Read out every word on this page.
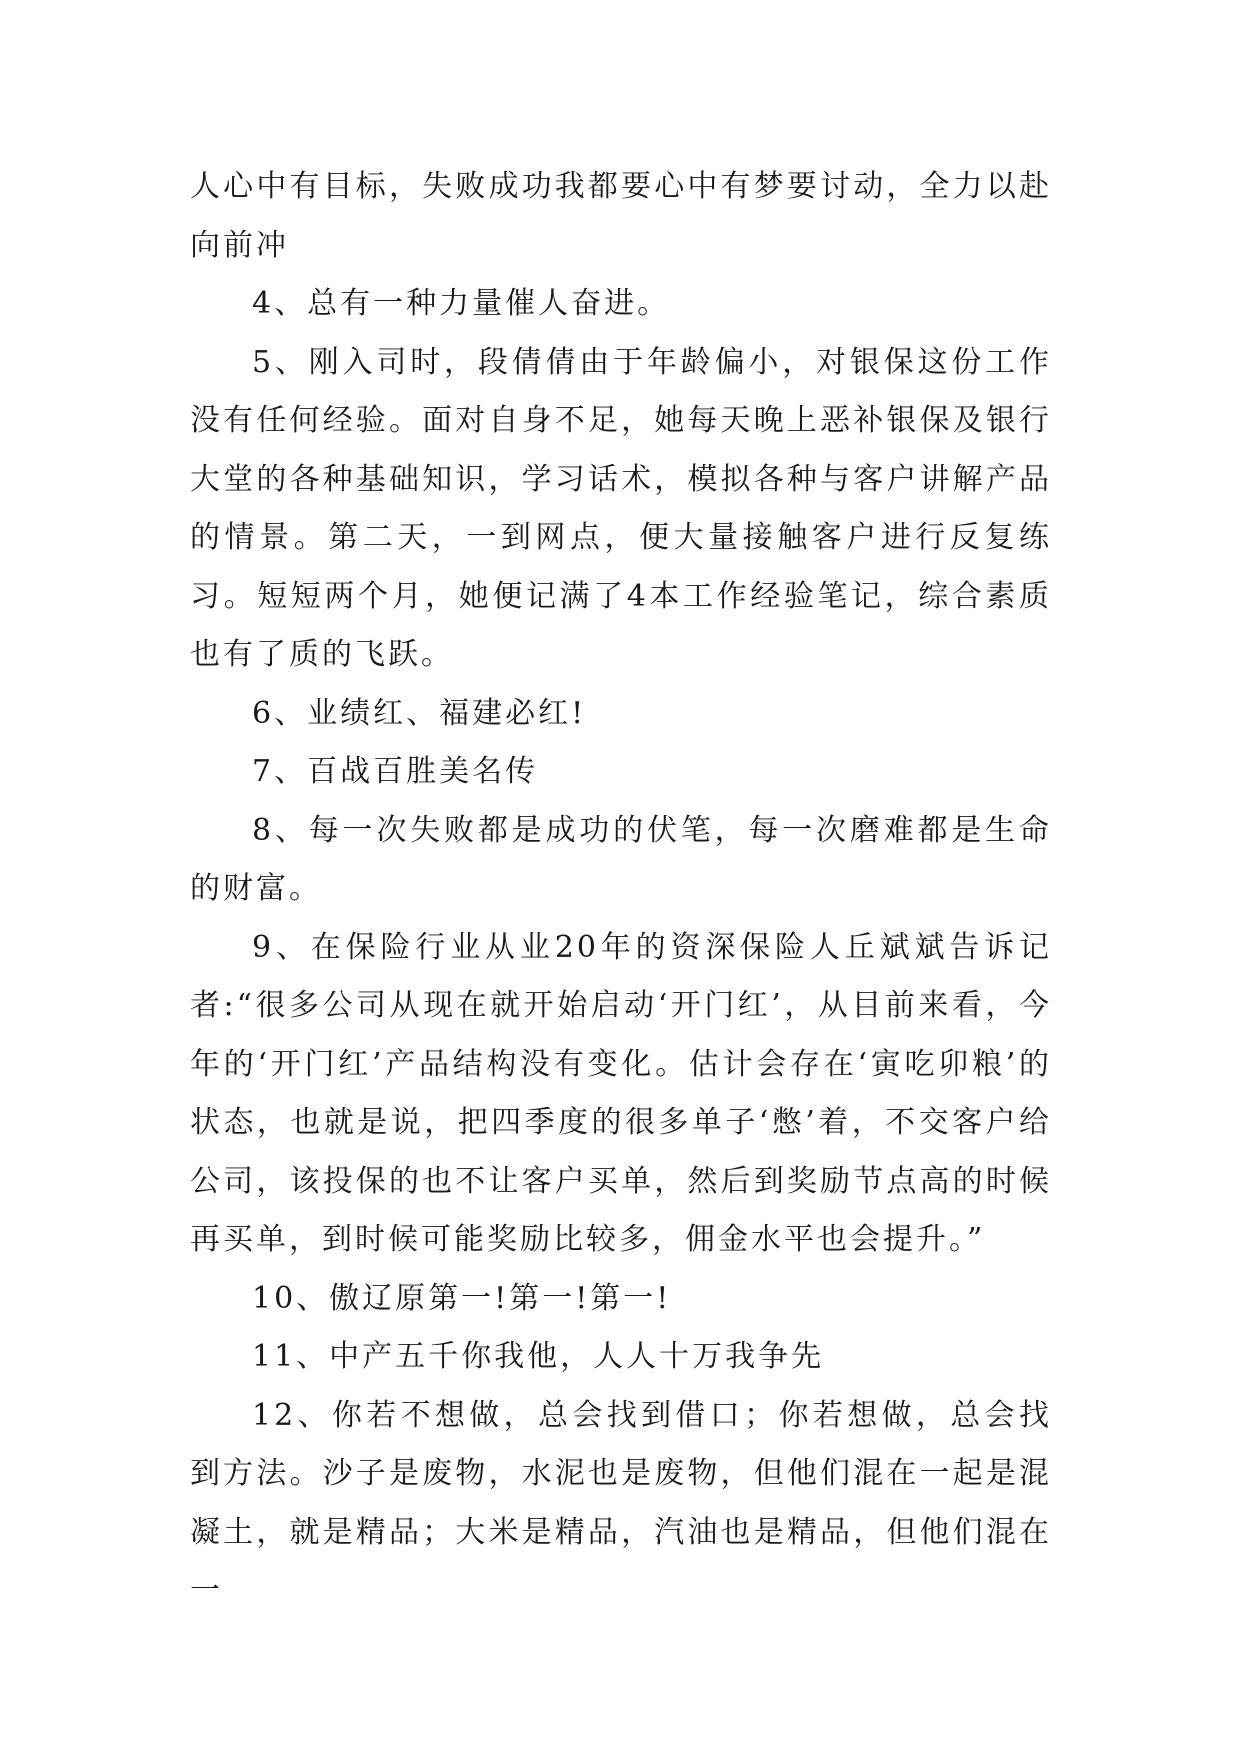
人心中有目标，失败成功我都要心中有梦要讨动，全力以赴向前冲

4、总有一种力量催人奋进。

5、刚入司时，段倩倩由于年龄偏小，对银保这份工作没有任何经验。面对自身不足，她每天晚上恶补银保及银行大堂的各种基础知识，学习话术，模拟各种与客户讲解产品的情景。第二天，一到网点，便大量接触客户进行反复练习。短短两个月，她便记满了4本工作经验笔记，综合素质也有了质的飞跃。

6、业绩红、福建必红!

7、百战百胜美名传

8、每一次失败都是成功的伏笔，每一次磨难都是生命的财富。

9、在保险行业从业20年的资深保险人丘斌斌告诉记者:“很多公司从现在就开始启动‘开门红’，从目前来看，今年的‘开门红’产品结构没有变化。估计会存在‘寅吃卯粮’的状态，也就是说，把四季度的很多单子‘憋’着，不交客户给公司，该投保的也不让客户买单，然后到奖励节点高的时候再买单，到时候可能奖励比较多，佣金水平也会提升。”

10、傲辽原第一!第一!第一!

11、中产五千你我他，人人十万我争先

12、你若不想做，总会找到借口；你若想做，总会找到方法。沙子是废物，水泥也是废物，但他们混在一起是混凝土，就是精品；大米是精品，汽油也是精品，但他们混在一
